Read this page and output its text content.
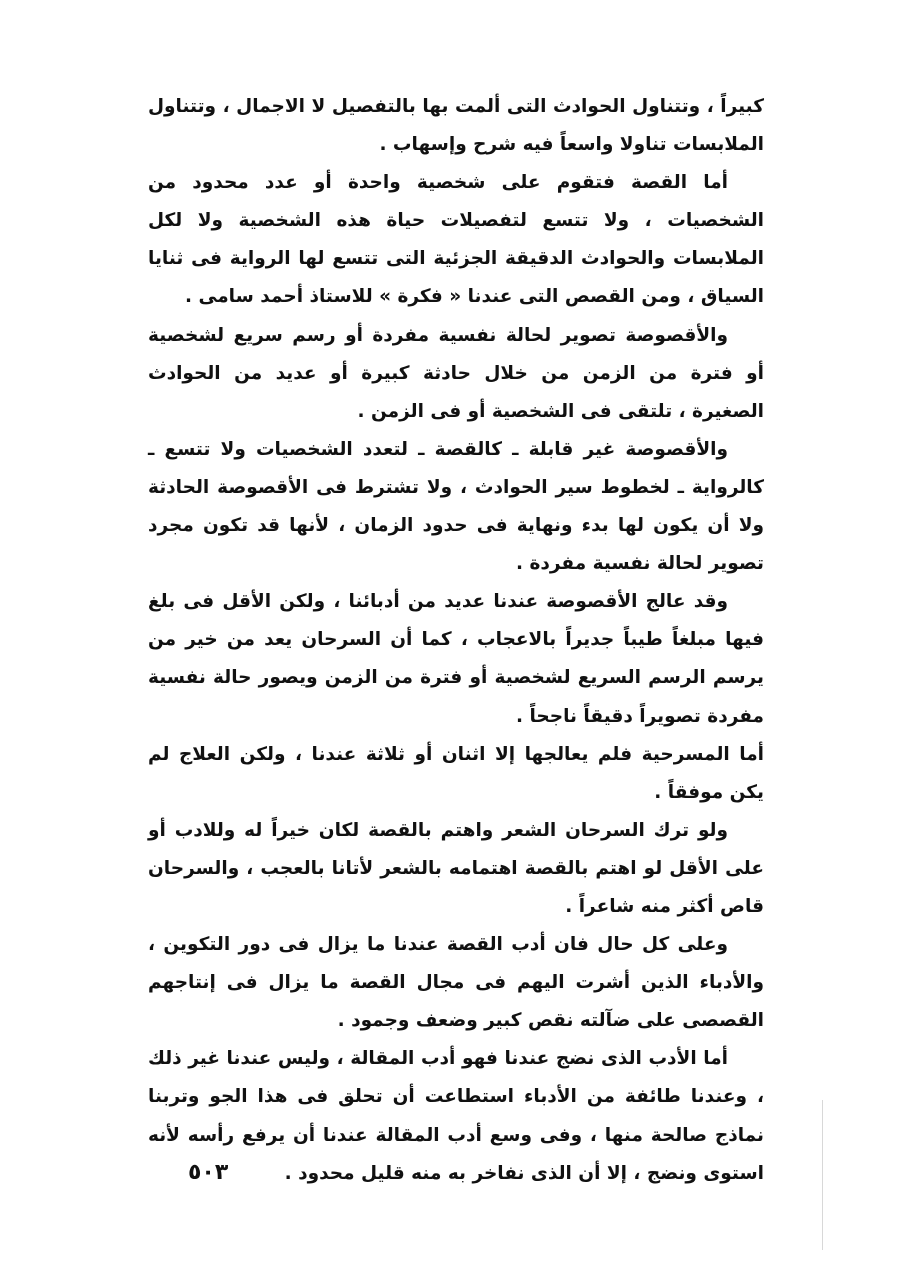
كبيراً ، وتتناول الحوادث التى ألمت بها بالتفصيل لا الاجمال ، وتتناول الملابسات تناولا واسعاً فيه شرح وإسهاب .

أما القصة فتقوم على شخصية واحدة أو عدد محدود من الشخصيات ، ولا تتسع لتفصيلات حياة هذه الشخصية ولا لكل الملابسات والحوادث الدقيقة الجزئية التى تتسع لها الرواية فى ثنايا السياق ، ومن القصص التى عندنا « فكرة » للاستاذ أحمد سامى .

والأقصوصة تصوير لحالة نفسية مفردة أو رسم سريع لشخصية أو فترة من الزمن من خلال حادثة كبيرة أو عديد من الحوادث الصغيرة ، تلتقى فى الشخصية أو فى الزمن .

والأقصوصة غير قابلة ـ كالقصة ـ لتعدد الشخصيات ولا تتسع ـ كالرواية ـ لخطوط سير الحوادث ، ولا تشترط فى الأقصوصة الحادثة ولا أن يكون لها بدء ونهاية فى حدود الزمان ، لأنها قد تكون مجرد تصوير لحالة نفسية مفردة .

وقد عالج الأقصوصة عندنا عديد من أدبائنا ، ولكن الأقل فى بلغ فيها مبلغاً طيباً جديراً بالاعجاب ، كما أن السرحان يعد من خير من يرسم الرسم السريع لشخصية أو فترة من الزمن ويصور حالة نفسية مفردة تصويراً دقيقاً ناجحاً .

أما المسرحية فلم يعالجها إلا اثنان أو ثلاثة عندنا ، ولكن العلاج لم يكن موفقاً .

ولو ترك السرحان الشعر واهتم بالقصة لكان خيراً له وللادب أو على الأقل لو اهتم بالقصة اهتمامه بالشعر لأتانا بالعجب ، والسرحان قاص أكثر منه شاعراً .

وعلى كل حال فان أدب القصة عندنا ما يزال فى دور التكوين ، والأدباء الذين أشرت اليهم فى مجال القصة ما يزال فى إنتاجهم القصصى على ضآلته نقص كبير وضعف وجمود .

أما الأدب الذى نضج عندنا فهو أدب المقالة ، وليس عندنا غير ذلك ، وعندنا طائفة من الأدباء استطاعت أن تحلق فى هذا الجو وتربنا نماذج صالحة منها ، وفى وسع أدب المقالة عندنا أن يرفع رأسه لأنه استوى ونضج ، إلا أن الذى نفاخر به منه قليل محدود .

٥٠٣
